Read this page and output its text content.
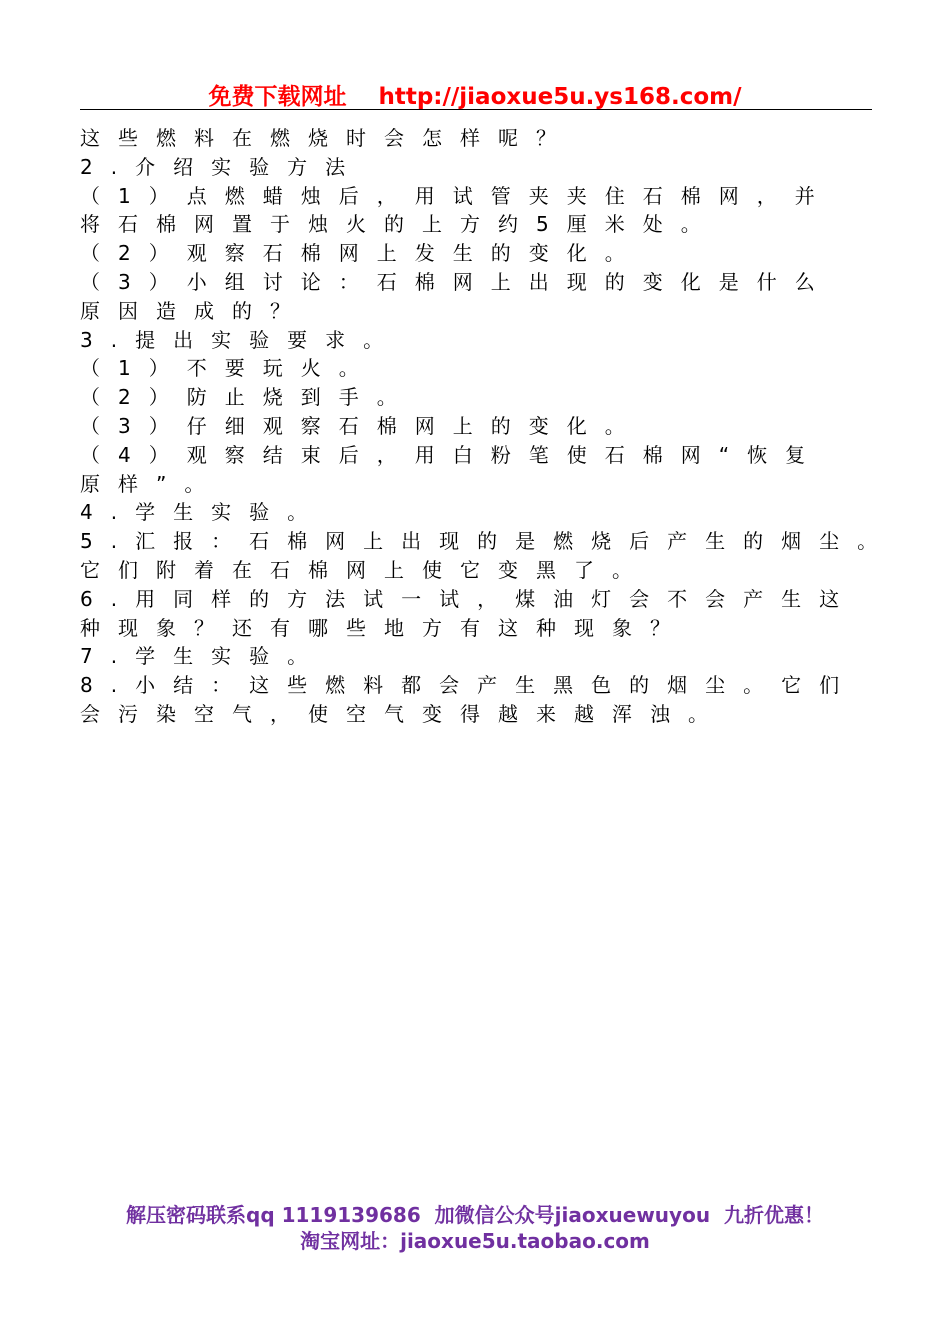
免费下载网址    http://jiaoxue5u.ys168.com/
这些燃料在燃烧时会怎样呢？
2.介绍实验方法
（1）点燃蜡烛后，用试管夹夹住石棉网，并
将石棉网置于烛火的上方约5厘米处。
（2）观察石棉网上发生的变化。
（3）小组讨论：石棉网上出现的变化是什么
原因造成的？
3.提出实验要求。
（1）不要玩火。
（2）防止烧到手。
（3）仔细观察石棉网上的变化。
（4）观察结束后，用白粉笔使石棉网“恢复
原样”。
4.学生实验。
5.汇报：石棉网上出现的是燃烧后产生的烟尘。
它们附着在石棉网上使它变黑了。
6.用同样的方法试一试，煤油灯会不会产生这
种现象？还有哪些地方有这种现象？
7.学生实验。
8.小结：这些燃料都会产生黑色的烟尘。它们
会污染空气，使空气变得越来越浑浊。
解压密码联系qq 1119139686  加微信公众号jiaoxuewuyou  九折优惠！
淘宝网址：jiaoxue5u.taobao.com
